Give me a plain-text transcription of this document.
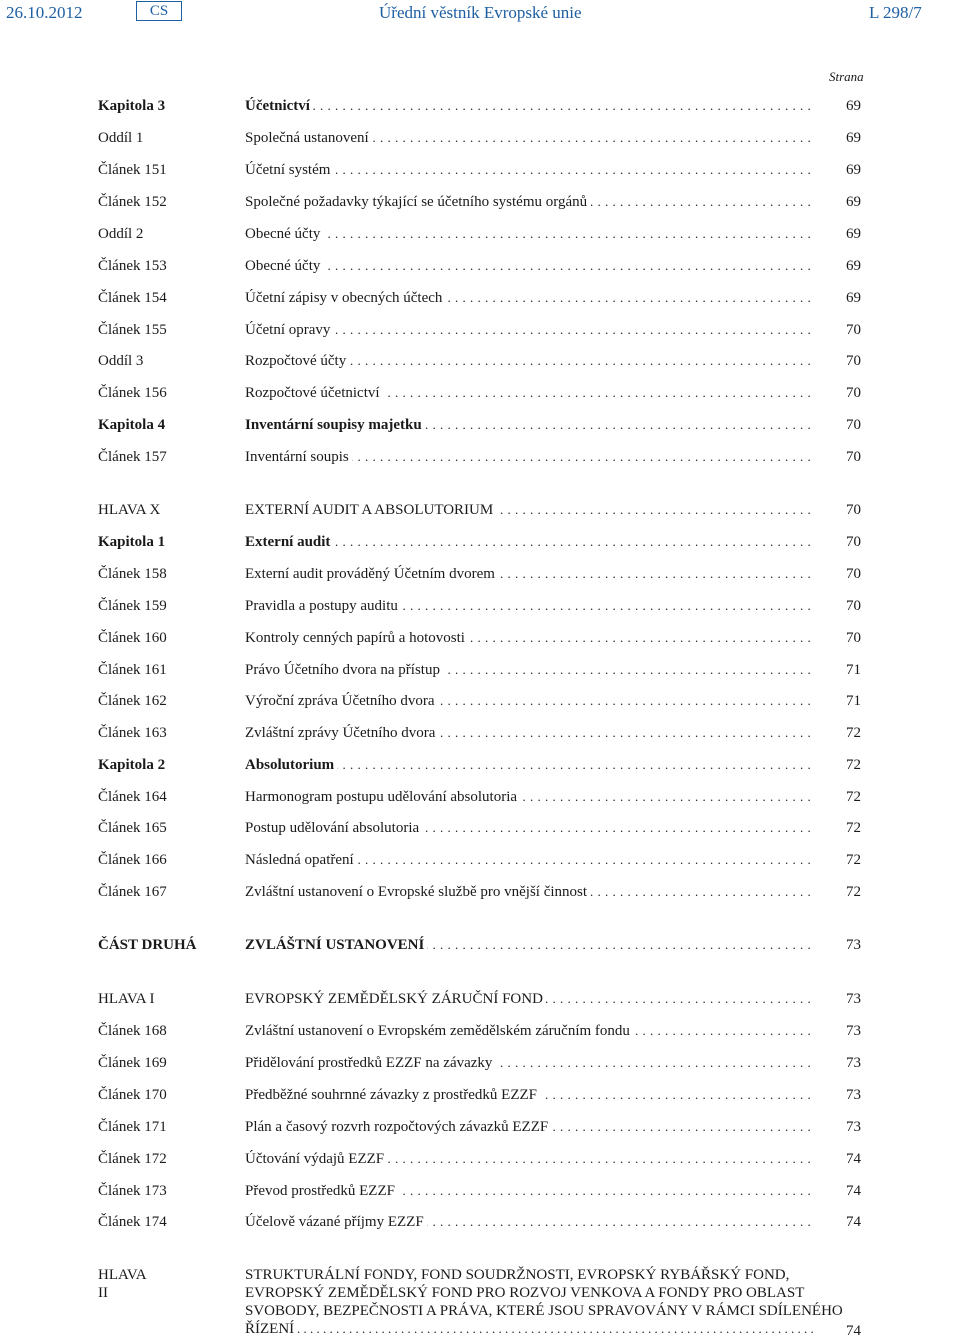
26.10.2012	CS	Úřední věstník Evropské unie	L 298/7
Strana
Kapitola 3	Účetnictví . . .	69
Oddíl 1	Společná ustanovení . . .	69
Článek 151	Účetní systém . . .	69
Článek 152	Společné požadavky týkající se účetního systému orgánů . . .	69
Oddíl 2	Obecné účty . . .	69
Článek 153	Obecné účty . . .	69
Článek 154	Účetní zápisy v obecných účtech . . .	69
Článek 155	Účetní opravy . . .	70
Oddíl 3	Rozpočtové účty . . .	70
Článek 156	Rozpočtové účetnictví . . .	70
Kapitola 4	Inventární soupisy majetku . . .	70
Článek 157	Inventární soupis . . .	70
HLAVA X	EXTERNÍ AUDIT A ABSOLUTORIUM . . .	70
Kapitola 1	Externí audit . . .	70
Článek 158	Externí audit prováděný Účetním dvorem . . .	70
Článek 159	Pravidla a postupy auditu . . .	70
Článek 160	Kontroly cenných papírů a hotovosti . . .	70
Článek 161	Právo Účetního dvora na přístup . . .	71
Článek 162	Výroční zpráva Účetního dvora . . .	71
Článek 163	Zvláštní zprávy Účetního dvora . . .	72
Kapitola 2	Absolutorium . . .	72
Článek 164	Harmonogram postupu udělování absolutoria . . .	72
Článek 165	Postup udělování absolutoria . . .	72
Článek 166	Následná opatření . . .	72
Článek 167	Zvláštní ustanovení o Evropské službě pro vnější činnost . . .	72
ČÁST DRUHÁ	ZVLÁŠTNÍ USTANOVENÍ . . .	73
HLAVA I	EVROPSKÝ ZEMĚDĚLSKÝ ZÁRUČNÍ FOND . . .	73
Článek 168	Zvláštní ustanovení o Evropském zemědělském záručním fondu . . .	73
Článek 169	Přidělování prostředků EZZF na závazky . . .	73
Článek 170	Předběžné souhrnné závazky z prostředků EZZF . . .	73
Článek 171	Plán a časový rozvrh rozpočtových závazků EZZF . . .	73
Článek 172	Účtování výdajů EZZF . . .	74
Článek 173	Převod prostředků EZZF . . .	74
Článek 174	Účelově vázané příjmy EZZF . . .	74
HLAVA II
STRUKTURÁLNÍ FONDY, FOND SOUDRŽNOSTI, EVROPSKÝ RYBÁŘSKÝ FOND,
EVROPSKÝ ZEMĚDĚLSKÝ FOND PRO ROZVOJ VENKOVA A FONDY PRO OBLAST
SVOBODY, BEZPEČNOSTI A PRÁVA, KTERÉ JSOU SPRAVOVÁNY V RÁMCI SDÍLENÉHO
ŘÍZENÍ . . .	74
